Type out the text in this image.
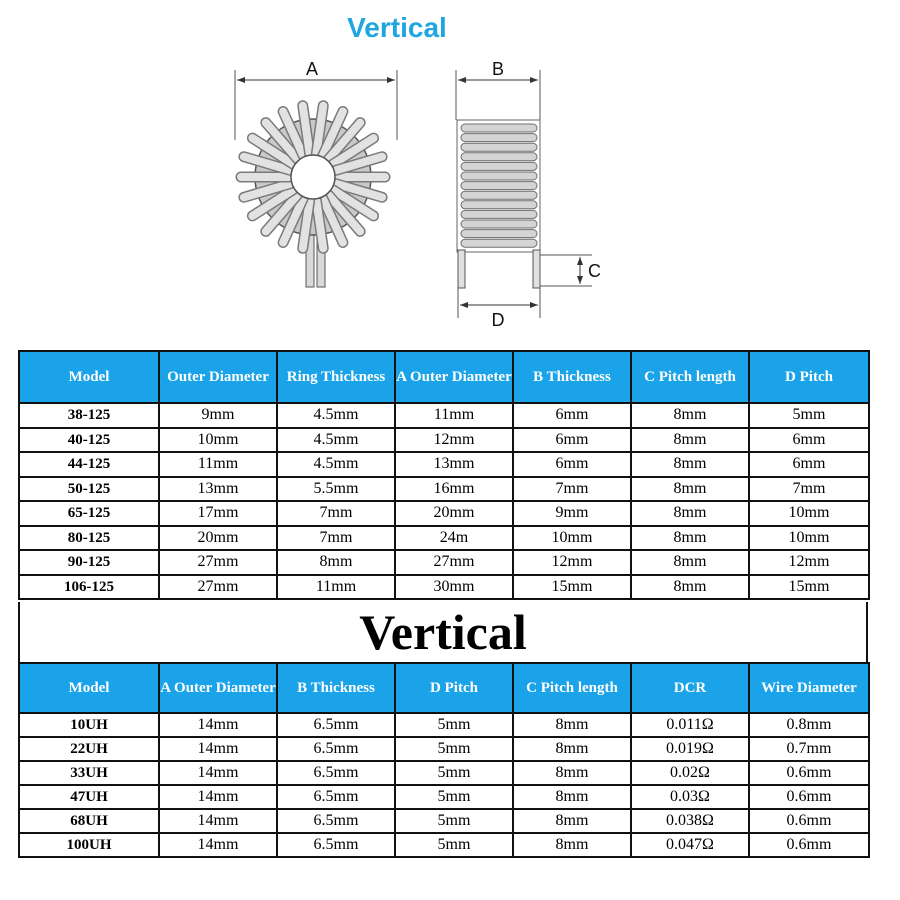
Vertical
A	B
C
D
Model	Outer Diameter	Ring Thickness	A Outer Diameter	B Thickness	C Pitch length	D Pitch
38-125	9mm	4.5mm	11mm	6mm	8mm	5mm
40-125	10mm	4.5mm	12mm	6mm	8mm	6mm
44-125	11mm	4.5mm	13mm	6mm	8mm	6mm
50-125	13mm	5.5mm	16mm	7mm	8mm	7mm
65-125	17mm	7mm	20mm	9mm	8mm	10mm
80-125	20mm	7mm	24m	10mm	8mm	10mm
90-125	27mm	8mm	27mm	12mm	8mm	12mm
106-125	27mm	11mm	30mm	15mm	8mm	15mm
Vertical
Model	A Outer Diameter	B Thickness	D Pitch	C Pitch length	DCR	Wire Diameter
10UH	14mm	6.5mm	5mm	8mm	0.011Ω	0.8mm
22UH	14mm	6.5mm	5mm	8mm	0.019Ω	0.7mm
33UH	14mm	6.5mm	5mm	8mm	0.02Ω	0.6mm
47UH	14mm	6.5mm	5mm	8mm	0.03Ω	0.6mm
68UH	14mm	6.5mm	5mm	8mm	0.038Ω	0.6mm
100UH	14mm	6.5mm	5mm	8mm	0.047Ω	0.6mm
